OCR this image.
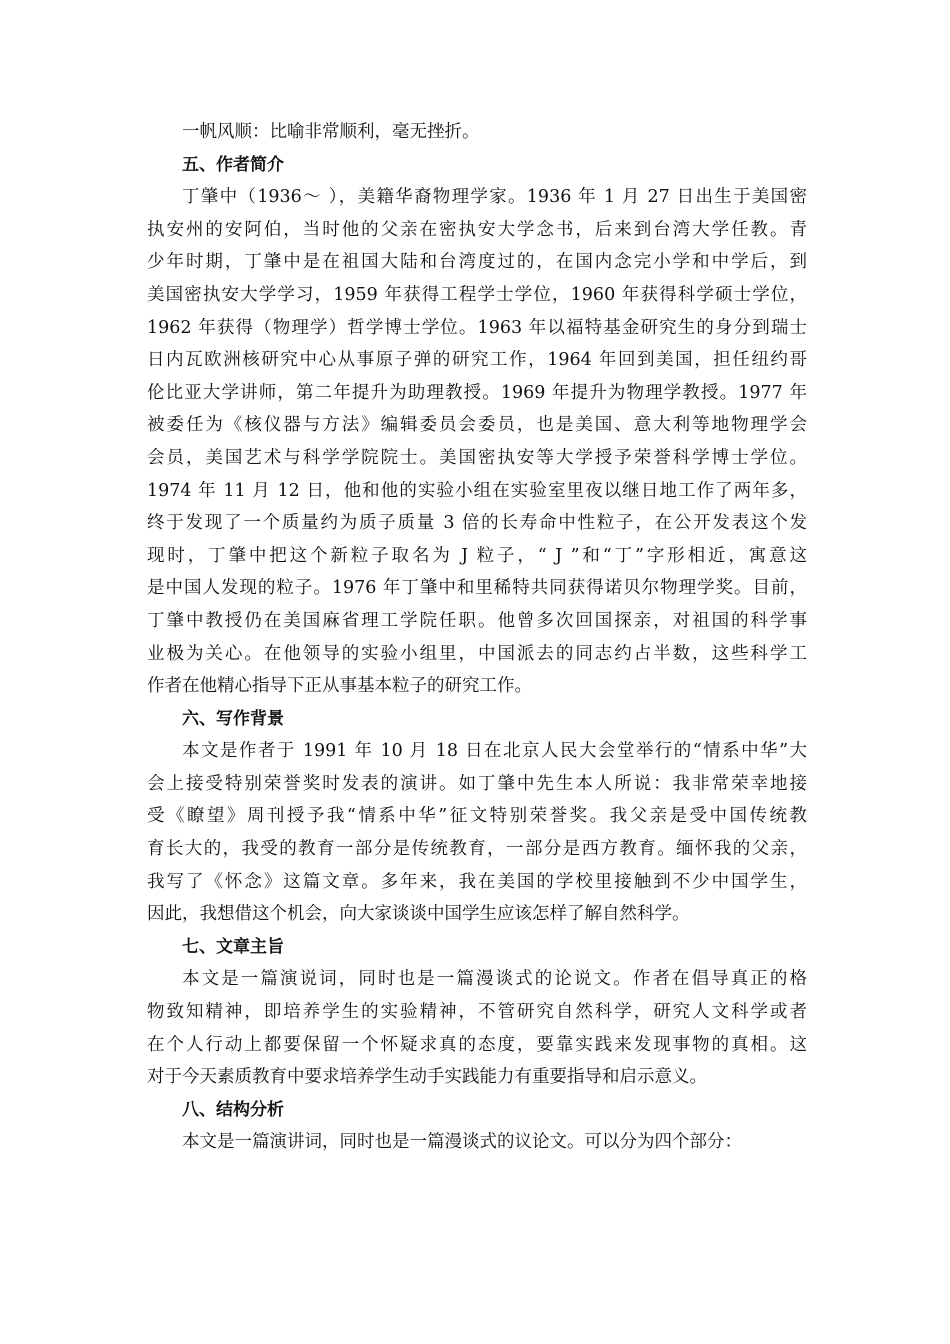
一帆风顺：比喻非常顺利，毫无挫折。

五、作者简介

丁肇中（1936～ ），美籍华裔物理学家。1936 年 1 月 27 日出生于美国密

执安州的安阿伯，当时他的父亲在密执安大学念书，后来到台湾大学任教。青

少年时期，丁肇中是在祖国大陆和台湾度过的，在国内念完小学和中学后，到

美国密执安大学学习，1959 年获得工程学士学位，1960 年获得科学硕士学位，

1962 年获得（物理学）哲学博士学位。1963 年以福特基金研究生的身分到瑞士

日内瓦欧洲核研究中心从事原子弹的研究工作，1964 年回到美国，担任纽约哥

伦比亚大学讲师，第二年提升为助理教授。1969 年提升为物理学教授。1977 年

被委任为《核仪器与方法》编辑委员会委员，也是美国、意大利等地物理学会

会员，美国艺术与科学学院院士。美国密执安等大学授予荣誉科学博士学位。

1974 年 11 月 12 日，他和他的实验小组在实验室里夜以继日地工作了两年多，

终于发现了一个质量约为质子质量 3 倍的长寿命中性粒子，在公开发表这个发

现时，丁肇中把这个新粒子取名为 J 粒子，“ J ”和“丁”字形相近，寓意这

是中国人发现的粒子。1976 年丁肇中和里稀特共同获得诺贝尔物理学奖。目前，

丁肇中教授仍在美国麻省理工学院任职。他曾多次回国探亲，对祖国的科学事

业极为关心。在他领导的实验小组里，中国派去的同志约占半数，这些科学工

作者在他精心指导下正从事基本粒子的研究工作。

六、写作背景

本文是作者于 1991 年 10 月 18 日在北京人民大会堂举行的“情系中华”大

会上接受特别荣誉奖时发表的演讲。如丁肇中先生本人所说：我非常荣幸地接

受《瞭望》周刊授予我“情系中华”征文特别荣誉奖。我父亲是受中国传统教

育长大的，我受的教育一部分是传统教育，一部分是西方教育。缅怀我的父亲，

我写了《怀念》这篇文章。多年来，我在美国的学校里接触到不少中国学生，

因此，我想借这个机会，向大家谈谈中国学生应该怎样了解自然科学。

七、文章主旨

本文是一篇演说词，同时也是一篇漫谈式的论说文。作者在倡导真正的格

物致知精神，即培养学生的实验精神，不管研究自然科学，研究人文科学或者

在个人行动上都要保留一个怀疑求真的态度，要靠实践来发现事物的真相。这

对于今天素质教育中要求培养学生动手实践能力有重要指导和启示意义。

八、结构分析

本文是一篇演讲词，同时也是一篇漫谈式的议论文。可以分为四个部分：
